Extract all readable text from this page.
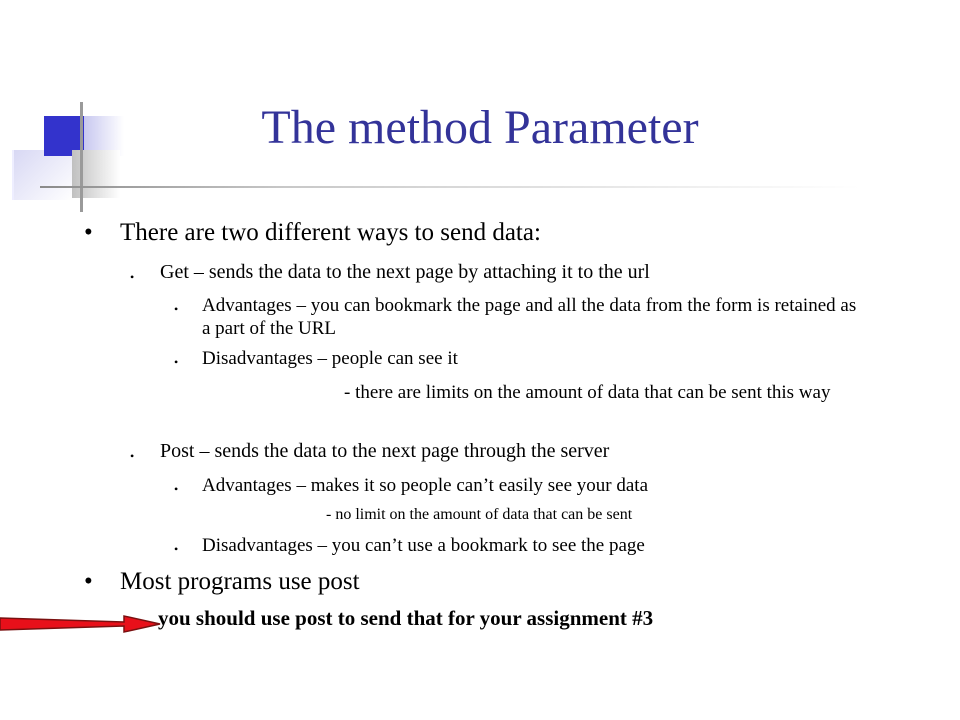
The method Parameter
• There are two different ways to send data:
• Get – sends the data to the next page by attaching it to the url
• Advantages – you can bookmark the page and all the data from the form is retained as a part of the URL
• Disadvantages – people can see it
- there are limits on the amount of data that can be sent this way
• Post – sends the data to the next page through the server
• Advantages – makes it so people can’t easily see your data
- no limit on the amount of data that can be sent
• Disadvantages – you can’t use a bookmark to see the page
• Most programs use post
you should use post to send that for your assignment #3
